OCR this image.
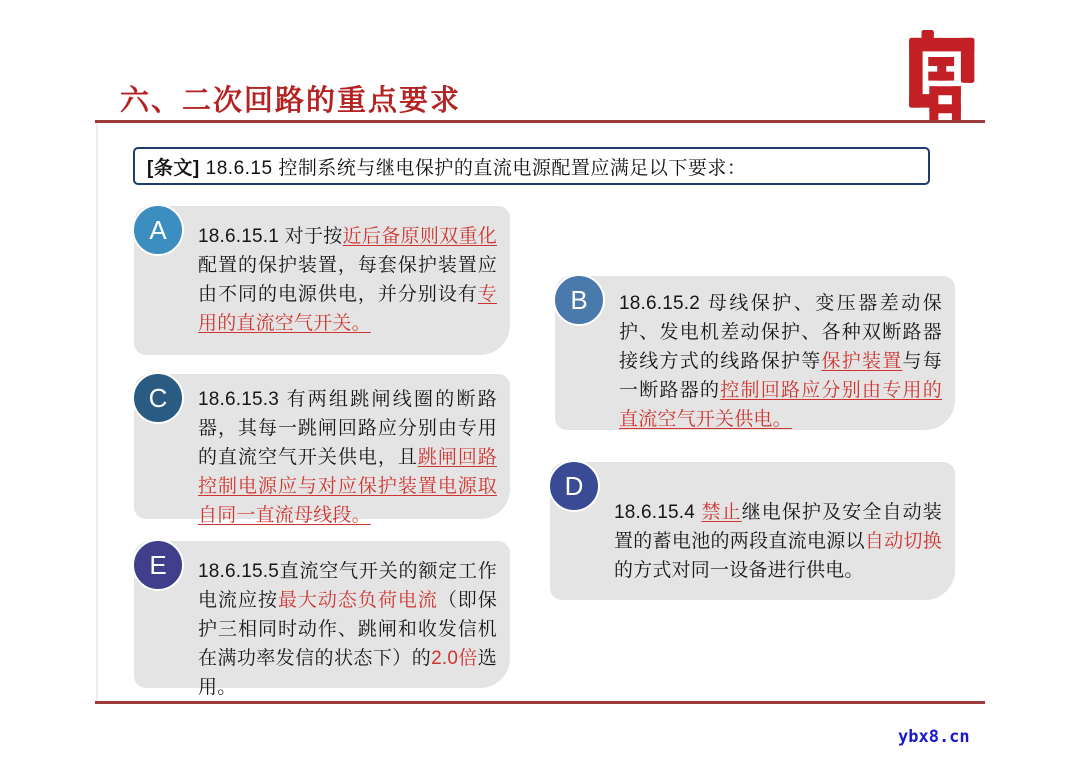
六、二次回路的重点要求
[条文] 18.6.15 控制系统与继电保护的直流电源配置应满足以下要求：
A	18.6.15.1 对于按近后备原则双重化配置的保护装置，每套保护装置应由不同的电源供电，并分别设有专用的直流空气开关。

B	18.6.15.2 母线保护、变压器差动保护、发电机差动保护、各种双断路器接线方式的线路保护等保护装置与每一断路器的控制回路应分别由专用的直流空气开关供电。

C	18.6.15.3 有两组跳闸线圈的断路器，其每一跳闸回路应分别由专用的直流空气开关供电，且跳闸回路控制电源应与对应保护装置电源取自同一直流母线段。

D

18.6.15.4 禁止继电保护及安全自动装置的蓄电池的两段直流电源以自动切换的方式对同一设备进行供电。

E	18.6.15.5直流空气开关的额定工作电流应按最大动态负荷电流（即保护三相同时动作、跳闸和收发信机在满功率发信的状态下）的2.0倍选用。

ybx8.cn
